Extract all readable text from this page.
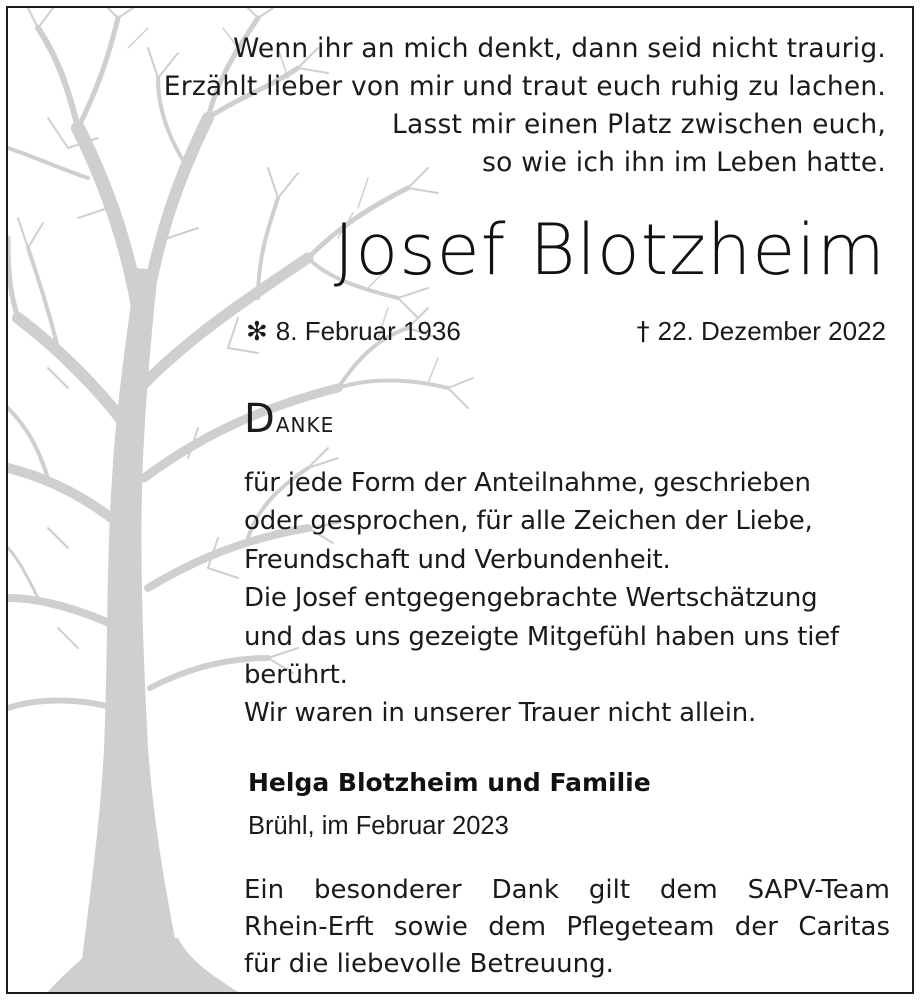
Wenn ihr an mich denkt, dann seid nicht traurig.
Erzählt lieber von mir und traut euch ruhig zu lachen.
Lasst mir einen Platz zwischen euch,
so wie ich ihn im Leben hatte.
Josef Blotzheim
✻ 8. Februar 1936	† 22. Dezember 2022
Danke
für jede Form der Anteilnahme, geschrieben
oder gesprochen, für alle Zeichen der Liebe,
Freundschaft und Verbundenheit.
Die Josef entgegengebrachte Wertschätzung
und das uns gezeigte Mitgefühl haben uns tief
berührt.
Wir waren in unserer Trauer nicht allein.
Helga Blotzheim und Familie
Brühl, im Februar 2023
Ein besonderer Dank gilt dem SAPV-Team
Rhein-Erft sowie dem Pflegeteam der Caritas
für die liebevolle Betreuung.
